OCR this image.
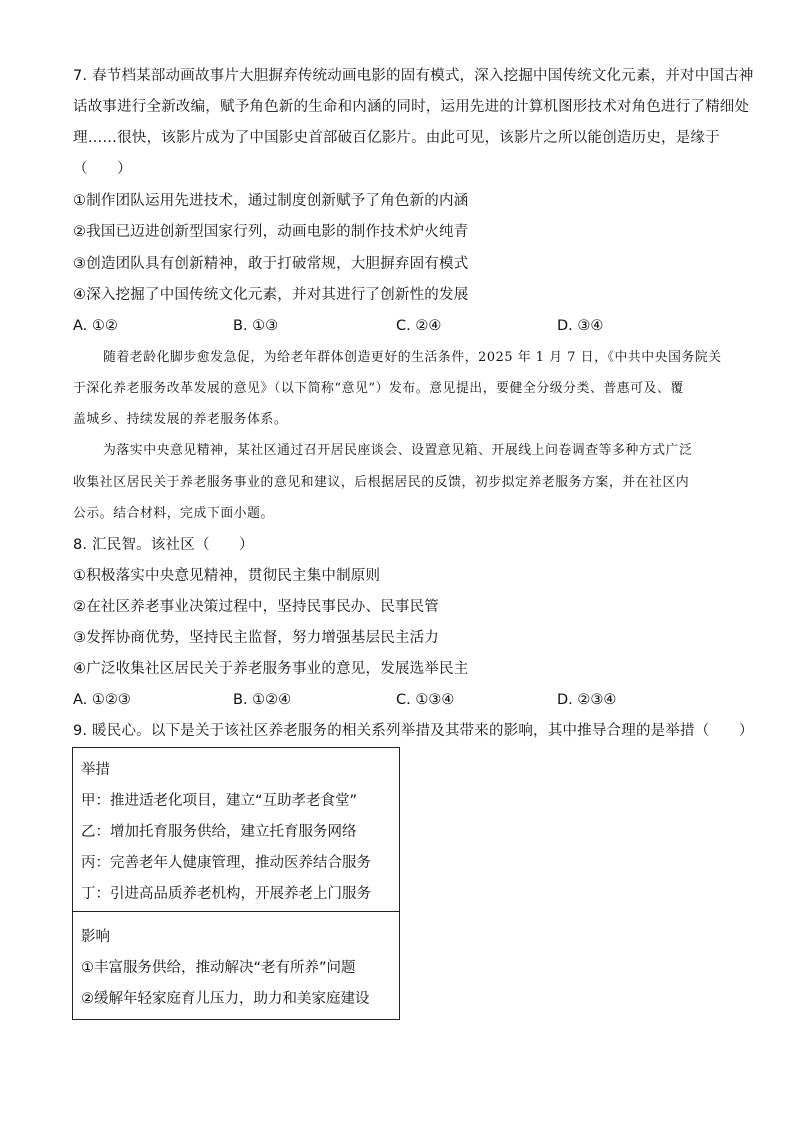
7. 春节档某部动画故事片大胆摒弃传统动画电影的固有模式，深入挖掘中国传统文化元素，并对中国古神
话故事进行全新改编，赋予角色新的生命和内涵的同时，运用先进的计算机图形技术对角色进行了精细处
理……很快，该影片成为了中国影史首部破百亿影片。由此可见，该影片之所以能创造历史，是缘于
（　　）
①制作团队运用先进技术，通过制度创新赋予了角色新的内涵
②我国已迈进创新型国家行列，动画电影的制作技术炉火纯青
③创造团队具有创新精神，敢于打破常规，大胆摒弃固有模式
④深入挖掘了中国传统文化元素，并对其进行了创新性的发展
A. ①②	B. ①③	C. ②④	D. ③④
随着老龄化脚步愈发急促，为给老年群体创造更好的生活条件，2025 年 1 月 7 日，《中共中央国务院关
于深化养老服务改革发展的意见》（以下简称“意见”）发布。意见提出，要健全分级分类、普惠可及、覆
盖城乡、持续发展的养老服务体系。
为落实中央意见精神，某社区通过召开居民座谈会、设置意见箱、开展线上问卷调查等多种方式广泛
收集社区居民关于养老服务事业的意见和建议，后根据居民的反馈，初步拟定养老服务方案，并在社区内
公示。结合材料，完成下面小题。
8. 汇民智。该社区（　　）
①积极落实中央意见精神，贯彻民主集中制原则
②在社区养老事业决策过程中，坚持民事民办、民事民管
③发挥协商优势，坚持民主监督，努力增强基层民主活力
④广泛收集社区居民关于养老服务事业的意见，发展选举民主
A. ①②③	B. ①②④	C. ①③④	D. ②③④
9. 暖民心。以下是关于该社区养老服务的相关系列举措及其带来的影响，其中推导合理的是举措（　　）
举措
甲：推进适老化项目，建立“互助孝老食堂”
乙：增加托育服务供给，建立托育服务网络
丙：完善老年人健康管理，推动医养结合服务
丁：引进高品质养老机构，开展养老上门服务
影响
①丰富服务供给，推动解决“老有所养”问题
②缓解年轻家庭育儿压力，助力和美家庭建设
